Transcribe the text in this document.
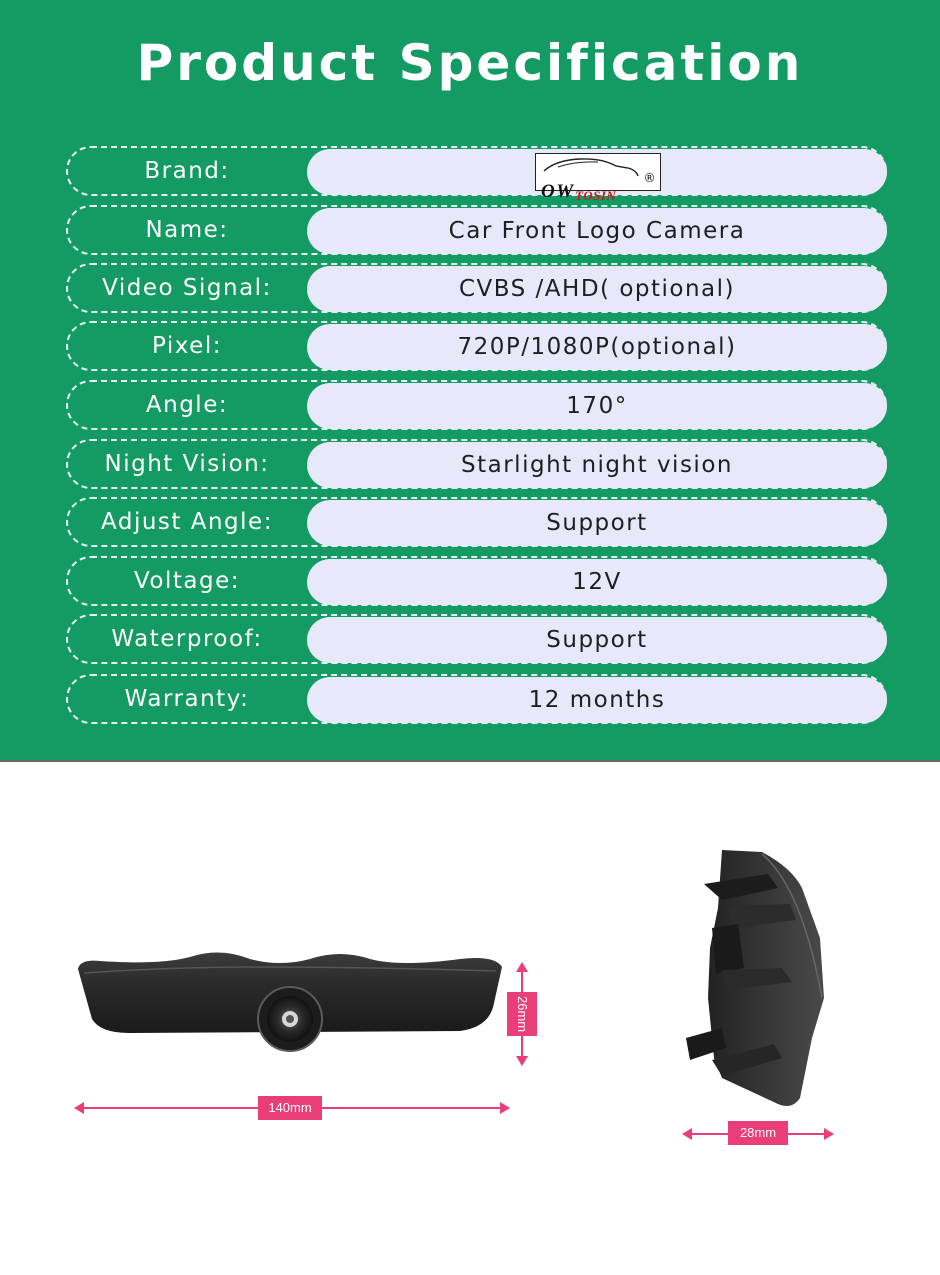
Product Specification
Brand:
OW TOSIN
®
Name:	Car Front Logo Camera
Video Signal:	CVBS /AHD( optional)
Pixel:	720P/1080P(optional)
Angle:	170°
Night Vision:	Starlight night vision
Adjust Angle:	Support
Voltage:	12V
Waterproof:	Support
Warranty:	12 months
26mm
140mm
28mm
